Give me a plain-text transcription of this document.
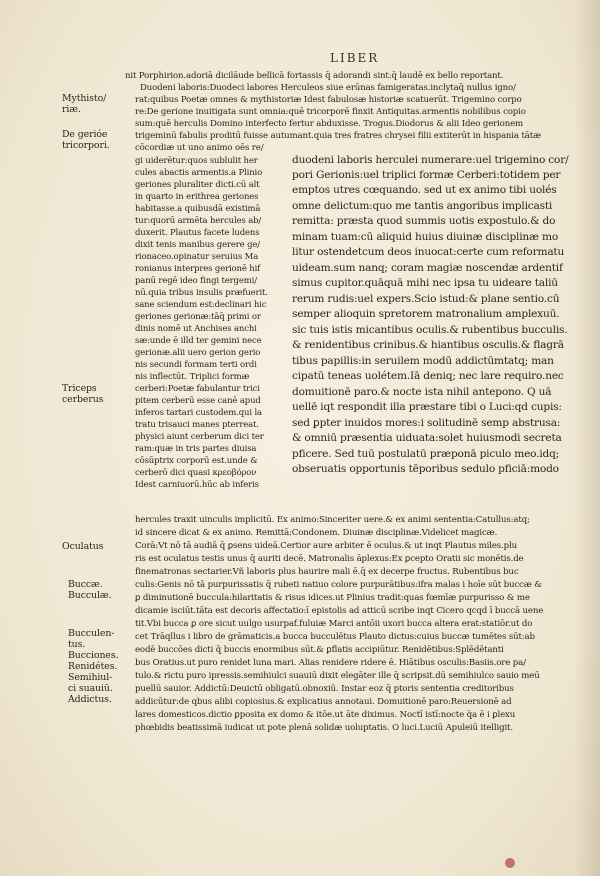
LIBER
nit Porphirion.adoriā dicilāude bellicā fortassis q̄ adorandi sint:q̄ laudē ex bello reportant.
Duodeni laboris:Duodeci labores Herculeos siue erūnas famigeratas.inclytaq̄ nullus igno/
rat:quibus Poetæ omnes & mythistoriæ Idest fabulosæ historiæ scatuerūt. Trigemino corpo
re:De gerione inuitigata sunt omnia:quē tricorporē finxit Antiquitas.armentis nobilibus copio
sum:quē herculis Domino interfecto fertur abduxisse. Trogus.Diodorus & alii Ideo gerionem
trigeminū fabulis proditū fuisse autumant.quia tres fratres chrysei filii extiterūt in hispania tātæ
cōcordiæ ut uno animo oēs re/
gi uiderētur:quos sublulit her
cules abactis armentis.a Plinio
geriones pluraliter dicti.cū alt
in quarto in erithrea geriones
habitasse.a quibusdā existimā
tur:quorū armēta hercules ab/
duxerit. Plautus facete ludens
dixit tenis manibus gerere ge/
rionaceo.opinatur seruius Ma
ronianus interpres gerionē hif
panū regē ideo fingi tergemi/
nū.quia tribus insulis præfuerit.
sane sciendum est:declinari hic
geriones gerionæ:tāq̄ primi or
dinis nomē ut Anchises anchi
sæ:unde ē illd ter gemini nece
gerionæ.alii uero gerion gerio
nis secundi formam terti ordi
nis inflectūt. Triplici formæ
cerberi:Poetæ fabulantur trici
pitem cerberū esse canē apud
inferos tartari custodem.qui la
tratu trisauci manes pterreat.
physici aiunt cerberum dici ter
ram:quæ in tris partes diuisa
cōsūptrix corporū est.unde &
cerberō dici quasi κρεοβόρον
Idest carniuorū.hūc ab inferis
duodeni laboris herculei numerare:uel trigemino cor/
pori Gerionis:uel triplici formæ Cerberi:totidem per
emptos utres cœquando. sed ut ex animo tibi uolés
omne delictum:quo me tantis angoribus implicasti
remitta: præsta quod summis uotis expostulo.& do
minam tuam:cū aliquid huius diuinæ disciplinæ mo
litur ostendetcum deos inuocat:certe cum reformatu
uideam.sum nanq; coram magiæ noscendæ ardentif
simus cupitor.quāquā mihi nec ipsa tu uideare taliū
rerum rudis:uel expers.Scio istud:& plane sentio.cū
semper alioquin spretorem matronalium amplexuū.
sic tuis istis micantibus oculis.& rubentibus bucculis.
& renidentibus crinibus.& hiantibus osculis.& flagrā
tibus papillis:in seruilem modū addictūmtatq; man
cipatū teneas uolétem.Iā deniq; nec lare requiro.nec
domuitionē paro.& nocte ista nihil antepono. Q uā
uellē iqt respondit illa præstare tibi o Luci:qd cupis:
sed ꝑpter inuidos mores:i solitudinē semp abstrusa:
& omniū præsentia uiduata:solet huiusmodi secreta
pficere. Sed tuū postulatū præponā piculo meo.idq;
obseruatis opportunis tēporibus sedulo pficiā:modo
hercules traxit uinculis implicitū. Ex animo:Sinceriter uere.& ex animi sententia:Catullus:atq;
id sincere dicat & ex animo. Remittā:Condonem. Diuinæ disciplinæ.Videlicet magicæ.
Corā:Vt nō tā audiā q̄ ꝑsens uideā.Certior aure arbiter ē oculus.& ut inqt Plautus miles.plu
ris est oculatus testis unus q̄ auriti decē. Matronalis āplexus:Ex ꝑcepto Oratii sic monētis.de
finematronas sectarier.Vñ laboris plus haurire mali ē.q̄ ex decerpe fructus. Rubentibus buc
culis:Genis nō tā purpurissatis q̄ rubeti natiuo colore purpurātibus:ifra malas i hoīe sūt buccæ &
ꝑ diminutionē buccula:hilaritatis & risus idices.ut Plinius tradit:quas fœmīæ purpurisso & me
dicamie isciūt.tāta est decoris affectatio:ī epistolis ad atticū scribe inqt Cicero qcqd ī buccā uene
tit.Vbi bucca ꝑ ore sicut uulgo usurpaf.fuluiæ Marci antōii uxori bucca altera erat:statiōr.ut do
cet Trāqllus i libro de grāmaticis.a bucca bucculētus Plauto dictus:cuius buccæ tumētes sūt:ab
eodē buccōes dicti q̄ buccis enormibus sūt.& ꝑflatis accipiūtur. Renidētibus:Splēdētanti
bus Oratius.ut puro renidet luna mari. Alias renidere ridere ē. Hiātibus osculis:Basiis.ore pa/
tulo.& rictu puro ipressis.semihiulci suauiū dixit elegāter ille q̄ scripsit.dū semihiulco sauio meū
puellū sauior. Addictū:Deuictū obligatū.obnoxiū. Instar eoz q̄ ptoris sententia creditoribus
addicūtur:de qbus alibi copiosius.& explicatius annotaui. Domuitionē paro:Reuersionē ad
lares domesticos.dictio ꝑposita ex domo & itōe.ut āte diximus. Noctī istī:nocte q̄a ē i ꝑlexu
phœbidis beatissimā iudicat ut pote plenā solidæ uoluptatis. O luci.Luciū Apuleiū itelligit.
Mythisto/
riæ.
De gerióe
tricorpori.
Triceps
cerberus
Oculatus
Buccæ.
Bucculæ.
Bucculen-
tus.
Bucciones.
Renidétes.
Semihiul-
ci suauiū.
Addictus.
